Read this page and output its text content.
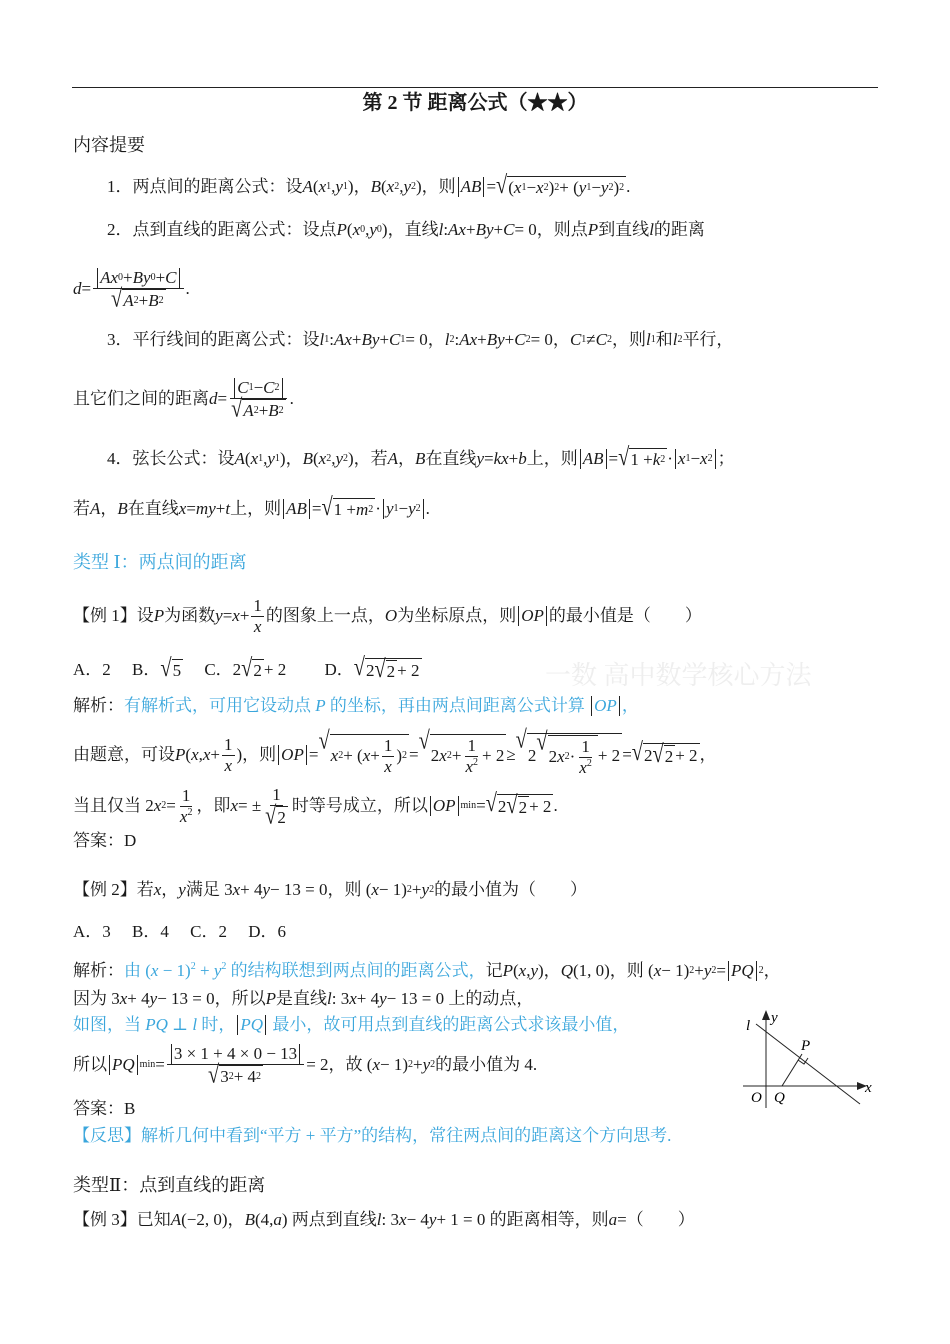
第 2 节 距离公式（★★）
一数 高中数学核心方法
内容提要
1．两点间的距离公式：设 A ( x 1 , y 1 )， B ( x 2 , y 2 )，则 AB = √ ( x 1 − x 2 ) 2 + ( y 1 − y 2 ) 2 .
2．点到直线的距离公式：设点 P ( x 0 , y 0 )，直线 l : Ax + By + C = 0，则点 P 到直线 l 的距离
$d = \frac{Ax 0 + By 0 + C}{√ A 2 + B 2}$ .
3．平行线间的距离公式：设 l 1 : Ax + By + C 1 = 0， l 2 : Ax + By + C 2 = 0， C 1 ≠ C 2 ，则 l 1 和 l 2 平行，
且它们之间的距离 $d = \frac{C 1 - C 2}{√ A 2 + B 2}$ .
4．弦长公式：设 A ( x 1 , y 1 )， B ( x 2 , y 2 )，若 A ， B 在直线 y = kx + b 上，则 AB = √ 1 + k 2 · x 1 − x 2 ；
若 A ， B 在直线 x = my + t 上，则 AB = √ 1 + m 2 · y 1 − y 2 .
类型 Ⅰ：两点间的距离
【例 1】设 P 为函数 $y = x + \frac{1}{x}$ 的图象上一点， O 为坐标原点，则 OP 的最小值是（　　）
A．2　 B． √ 5 　 C．2 √ 2 + 2　　 D． √ 2 √ 2 + 2
解析： 有解析式，可用它设动点 P 的坐标，再由两点间距离公式计算 OP ，
由题意，可设 P ( x , $x + \frac{1}{x}$ )，则 OP = √
x 2 + ( $x + \frac{1}{x}$ ) 2 = √
2 x $2 + \frac{1}{x^2} + 2$ ≥
√
2 √
2 x $2 \cdot \frac{1}{x^2} + 2$ = √ 2 √ 2 + 2 ，
当且仅当 2 x $2 = \frac{1}{x^2}$ ，即 x = ± $\frac{1}{√ 2}$ 时等号成立，所以 OP min = √ 2 √ 2 + 2 .
答案：D
【例 2】若 x ， y 满足 3 x + 4 y − 13 = 0，则 ( x − 1) 2 + y 2 的最小值为（　　）
A．3　 B．4　 C．2　 D．6
解析： 由 $(x - 1)^2 + y^2$ 的结构联想到两点间的距离公式， 记 P ( x , y )， Q (1, 0)，则 ( x − 1) 2 + y 2 = PQ 2 ，
因为 3 x + 4 y − 13 = 0，所以 P 是直线 l : 3 x + 4 y − 13 = 0 上的动点，
如图，当 PQ ⊥ l 时， PQ 最小，故可用点到直线的距离公式求该最小值，
所以 PQ $\min = \frac{3 \times 1 + 4 \times 0 - 13}{√ 3 2 + 4 2} = 2$，故 ( x − 1) 2 + y 2 的最小值为 4.
答案：B
【反思】解析几何中看到“平方 + 平方”的结构，常往两点间的距离这个方向思考.
类型Ⅱ：点到直线的距离
【例 3】已知 A (−2, 0)， B (4, a ) 两点到直线 l : 3 x − 4 y + 1 = 0 的距离相等，则 a =（　　）
l y
P
x
O Q
